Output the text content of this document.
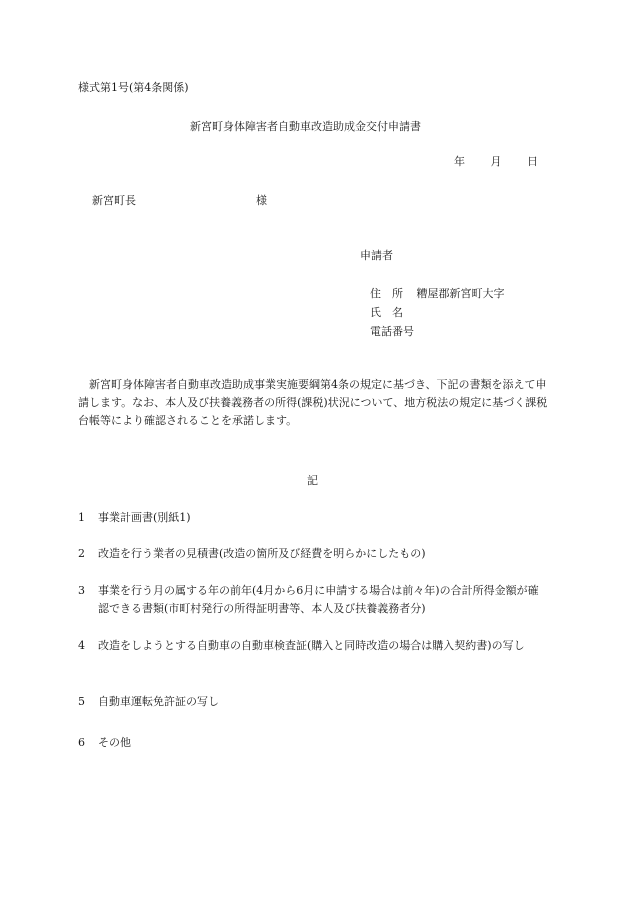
様式第1号(第4条関係)
新宮町身体障害者自動車改造助成金交付申請書
年 月 日
新宮町長	様
申請者
住　所 糟屋郡新宮町大字
氏　名
電話番号
新宮町身体障害者自動車改造助成事業実施要綱第4条の規定に基づき、下記の書類を添えて申請します。なお、本人及び扶養義務者の所得(課税)状況について、地方税法の規定に基づく課税台帳等により確認されることを承諾します。
記
1 事業計画書(別紙1)
2 改造を行う業者の見積書(改造の箇所及び経費を明らかにしたもの)
3 事業を行う月の属する年の前年(4月から6月に申請する場合は前々年)の合計所得金額が確認できる書類(市町村発行の所得証明書等、本人及び扶養義務者分)
4 改造をしようとする自動車の自動車検査証(購入と同時改造の場合は購入契約書)の写し
5 自動車運転免許証の写し
6 その他
